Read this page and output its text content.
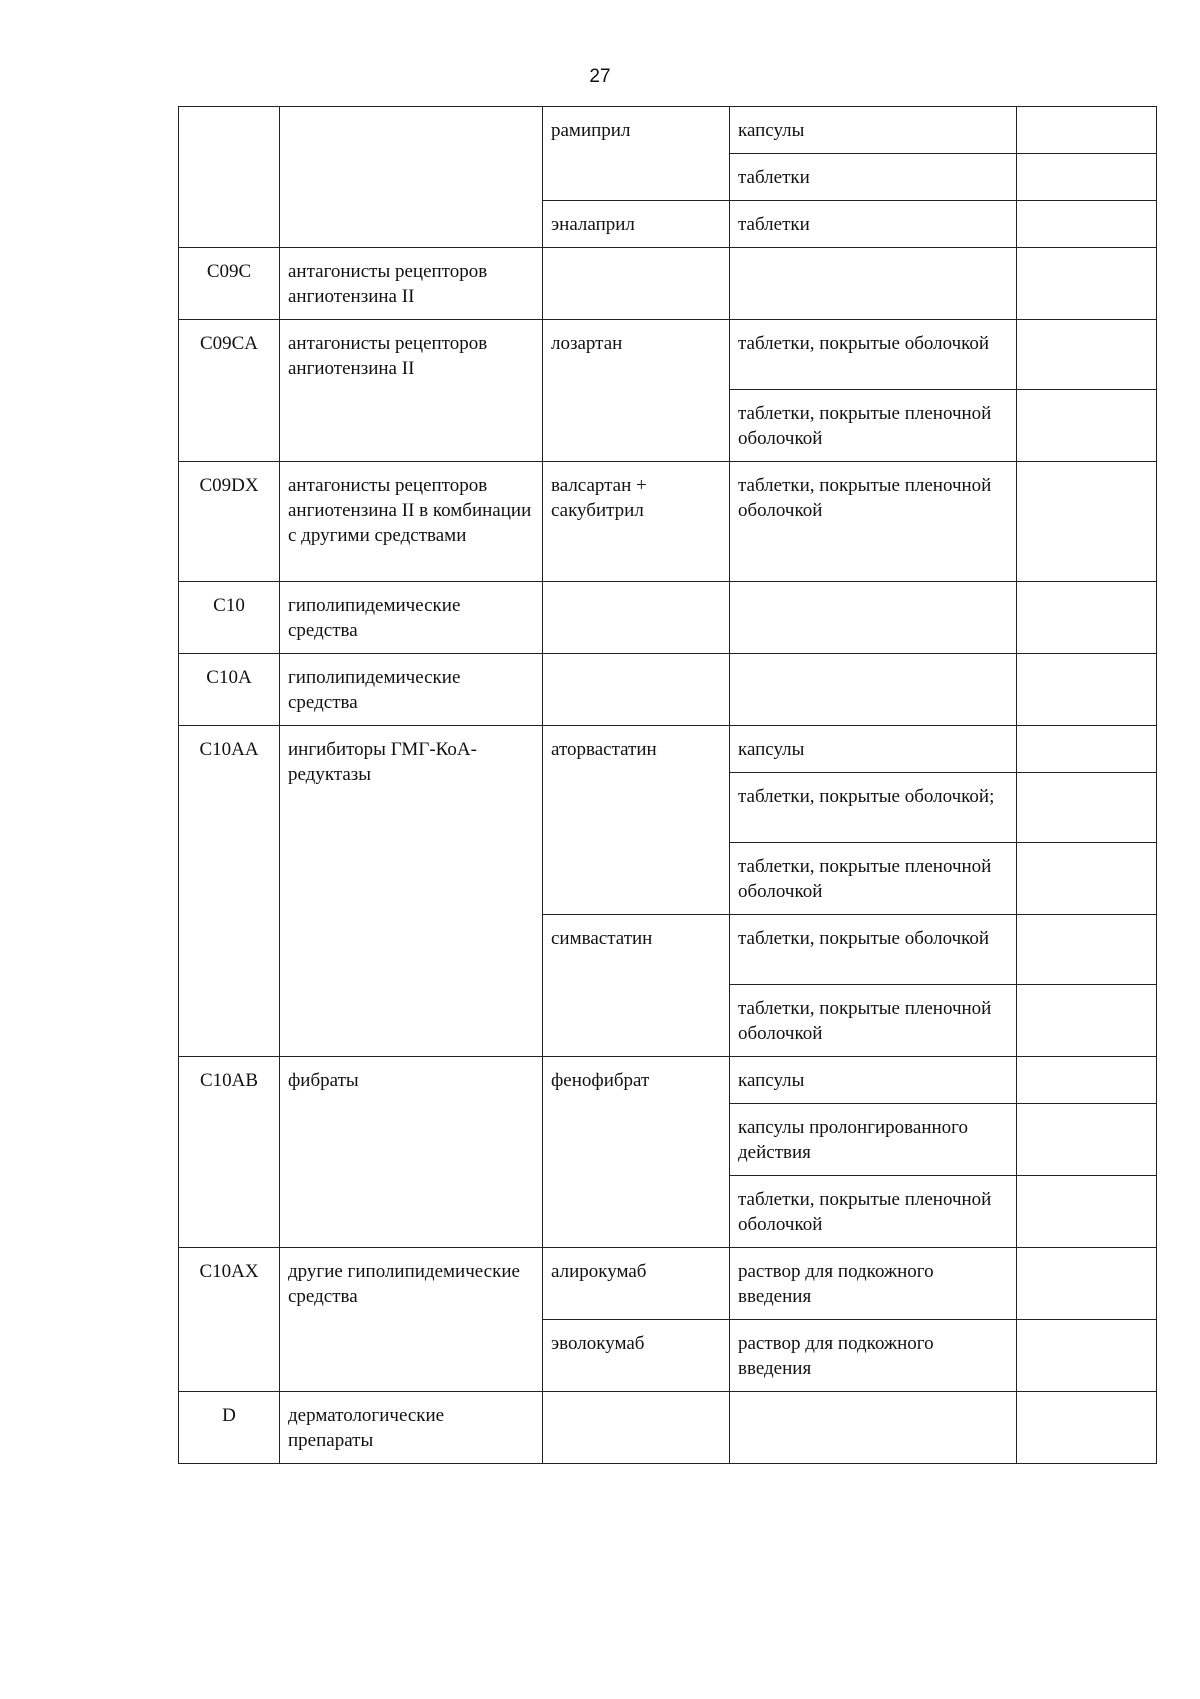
27
		рамиприл	капсулы	
			таблетки	
		эналаприл	таблетки	
C09C	антагонисты рецепторов ангиотензина II			
C09CA	антагонисты рецепторов ангиотензина II	лозартан	таблетки, покрытые оболочкой	
			таблетки, покрытые пленочной оболочкой	
C09DX	антагонисты рецепторов ангиотензина II в комбинации с другими средствами	валсартан + сакубитрил	таблетки, покрытые пленочной оболочкой	
C10	гиполипидемические средства			
C10A	гиполипидемические средства			
C10AA	ингибиторы ГМГ-КоА-редуктазы	аторвастатин	капсулы	
			таблетки, покрытые оболочкой;	
			таблетки, покрытые пленочной оболочкой	
		симвастатин	таблетки, покрытые оболочкой	
			таблетки, покрытые пленочной оболочкой	
C10AB	фибраты	фенофибрат	капсулы	
			капсулы пролонгированного действия	
			таблетки, покрытые пленочной оболочкой	
C10AX	другие гиполипидемические средства	алирокумаб	раствор для подкожного введения	
		эволокумаб	раствор для подкожного введения	
D	дерматологические препараты			
